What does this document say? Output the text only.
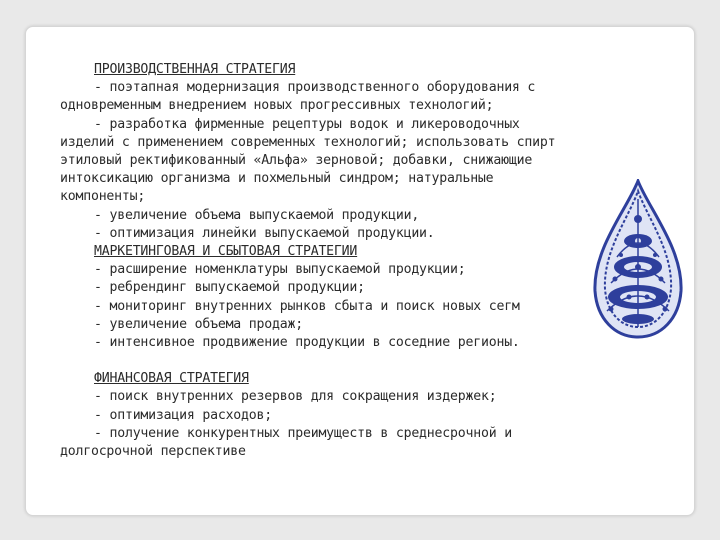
ПРОИЗВОДСТВЕННАЯ СТРАТЕГИЯ
- поэтапная модернизация производственного оборудования с
одновременным внедрением новых прогрессивных технологий;
- разработка фирменные рецептуры водок и ликероводочных
изделий с применением современных технологий; использовать спирт
этиловый ректификованный «Альфа» зерновой; добавки, снижающие
интоксикацию организма и похмельный синдром; натуральные
компоненты;
- увеличение объема выпускаемой продукции,
- оптимизация линейки выпускаемой продукции.
МАРКЕТИНГОВАЯ И СБЫТОВАЯ СТРАТЕГИИ
- расширение номенклатуры выпускаемой продукции;
- ребрендинг выпускаемой продукции;
- мониторинг внутренних рынков сбыта и поиск новых сегм
- увеличение объема продаж;
- интенсивное продвижение продукции в соседние регионы.
ФИНАНСОВАЯ СТРАТЕГИЯ
- поиск внутренних резервов для сокращения издержек;
- оптимизация расходов;
- получение конкурентных преимуществ в среднесрочной и
долгосрочной перспективе
